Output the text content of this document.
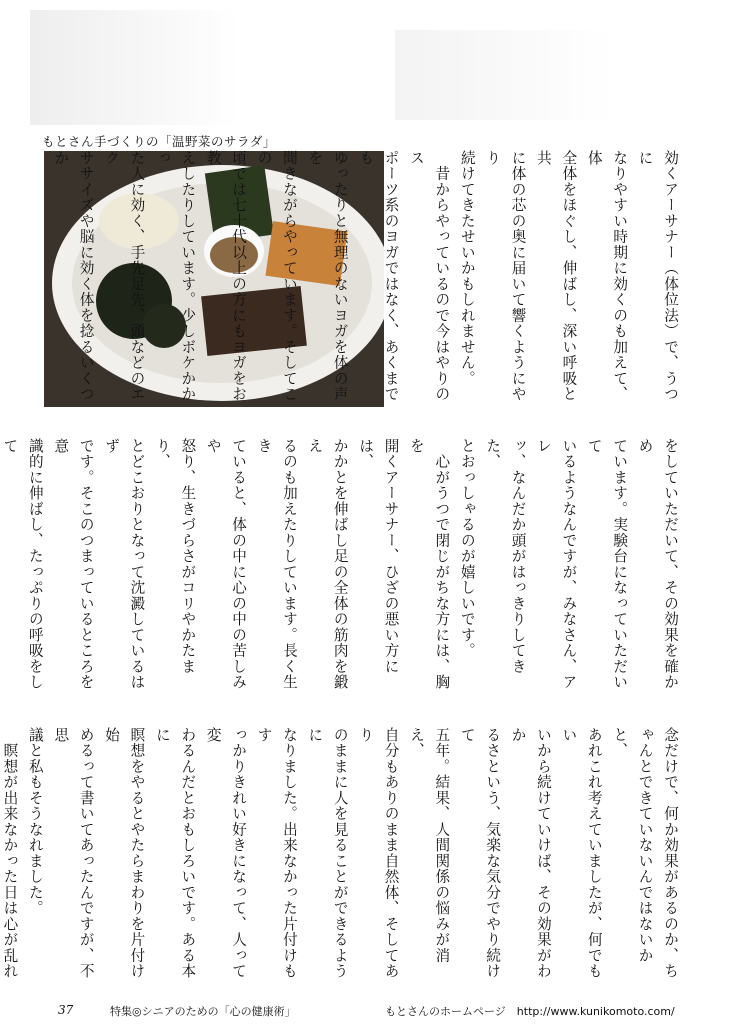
もとさん手づくりの「温野菜のサラダ」
効くアーサナー（体位法）で、うつに
なりやすい時期に効くのも加えて、体
全体をほぐし、伸ばし、深い呼吸と共
に体の芯の奥に届いて響くようにやり
続けてきたせいかもしれません。
　昔からやっているので今はやりのス
ポーツ系のヨガではなく、あくまでも
ゆったりと無理のないヨガを体の声を
聞きながらやっています。そしてこの
頃では七十代以上の方にもヨガをお教
えしたりしています。少しボケかかっ
た人に効く、手先足先、頭などのエク
ササイズや脳に効く体を捻るいくつか
をしていただいて、その効果を確かめ
ています。実験台になっていただいて
いるようなんですが、みなさん、アレ
ッ、なんだか頭がはっきりしてきた、
とおっしゃるのが嬉しいです。
　心がうつで閉じがちな方には、胸を
開くアーサナー、ひざの悪い方には、
かかとを伸ばし足の全体の筋肉を鍛え
るのも加えたりしています。長く生き
ていると、体の中に心の中の苦しみや
怒り、生きづらさがコリやかたまり、
とどこおりとなって沈澱しているはず
です。そこのつまっているところを意
識的に伸ばし、たっぷりの呼吸をして

念だけで、何か効果があるのか、ち
ゃんとできていないんではないかと、
あれこれ考えていましたが、何でもい
いから続けていけば、その効果がわか
るさという、気楽な気分でやり続けて
五年。結果、人間関係の悩みが消え、
自分もありのまま自然体、そしてあり
のままに人を見ることができるように
なりました。出来なかった片付けもす
っかりきれい好きになって、人って変
わるんだとおもしろいです。ある本に
瞑想をやるとやたらまわりを片付け始
めるって書いてあったんですが、不思
議と私もそうなれました。
　瞑想が出来なかった日は心が乱れ

37	特集◎シニアのための「心の健康術」	もとさんのホームページ　http://www.kunikomoto.com/
